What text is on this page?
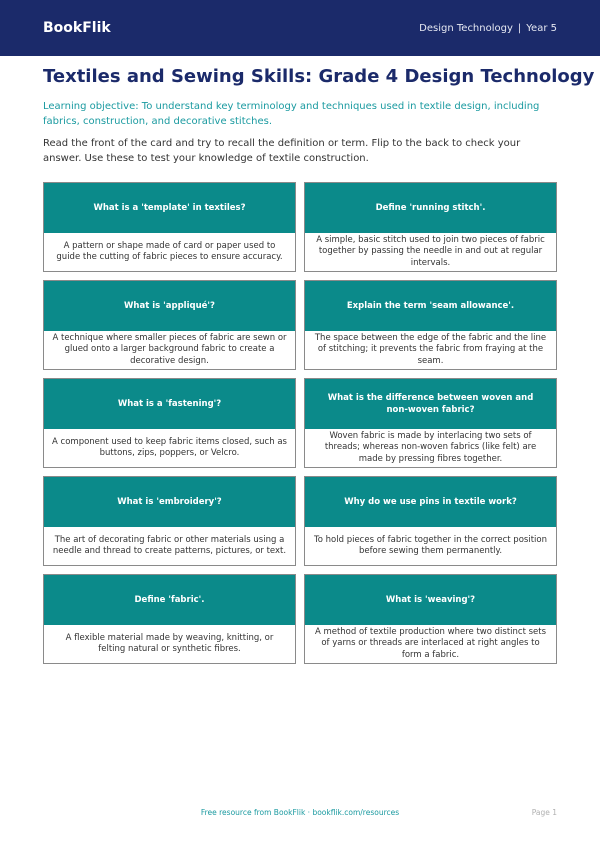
BookFlik	Design Technology | Year 5
Textiles and Sewing Skills: Grade 4 Design Technology
Learning objective: To understand key terminology and techniques used in textile design, including fabrics, construction, and decorative stitches.
Read the front of the card and try to recall the definition or term. Flip to the back to check your answer. Use these to test your knowledge of textile construction.
What is a 'template' in textiles?
A pattern or shape made of card or paper used to guide the cutting of fabric pieces to ensure accuracy.
Define 'running stitch'.
A simple, basic stitch used to join two pieces of fabric together by passing the needle in and out at regular intervals.
What is 'appliqué'?
A technique where smaller pieces of fabric are sewn or glued onto a larger background fabric to create a decorative design.
Explain the term 'seam allowance'.
The space between the edge of the fabric and the line of stitching; it prevents the fabric from fraying at the seam.
What is a 'fastening'?
A component used to keep fabric items closed, such as buttons, zips, poppers, or Velcro.
What is the difference between woven and non-woven fabric?
Woven fabric is made by interlacing two sets of threads; whereas non-woven fabrics (like felt) are made by pressing fibres together.
What is 'embroidery'?
The art of decorating fabric or other materials using a needle and thread to create patterns, pictures, or text.
Why do we use pins in textile work?
To hold pieces of fabric together in the correct position before sewing them permanently.
Define 'fabric'.
A flexible material made by weaving, knitting, or felting natural or synthetic fibres.
What is 'weaving'?
A method of textile production where two distinct sets of yarns or threads are interlaced at right angles to form a fabric.
Free resource from BookFlik · bookflik.com/resources	Page 1
